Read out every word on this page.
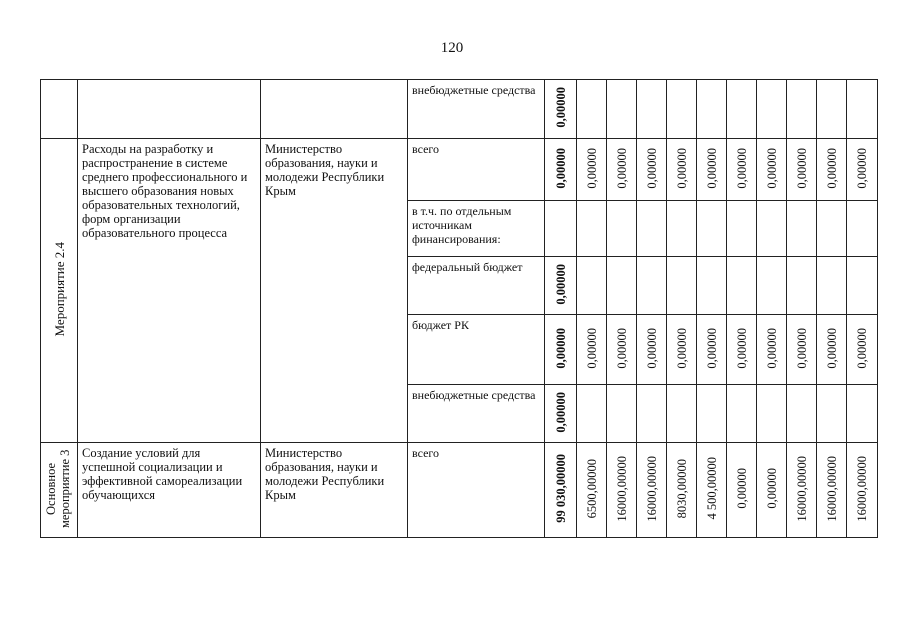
120
			внебюджетные средства	0,00000										
Мероприятие 2.4	Расходы на разработку и распространение в системе среднего профессионального и высшего образования новых образовательных технологий, форм организации образовательного процесса	Министерство образования, науки и молодежи Республики Крым	всего	0,00000	0,00000	0,00000	0,00000	0,00000	0,00000	0,00000	0,00000	0,00000	0,00000	0,00000
			в т.ч. по отдельным источникам финансирования:											
			федеральный бюджет	0,00000										
			бюджет РК	0,00000	0,00000	0,00000	0,00000	0,00000	0,00000	0,00000	0,00000	0,00000	0,00000	0,00000
			внебюджетные средства	0,00000										
Основное мероприятие 3	Создание условий для успешной социализации и эффективной самореализации обучающихся	Министерство образования, науки и молодежи Республики Крым	всего	99 030,00000	6500,00000	16000,00000	16000,00000	8030,00000	4 500,00000	0,00000	0,00000	16000,00000	16000,00000	16000,00000
